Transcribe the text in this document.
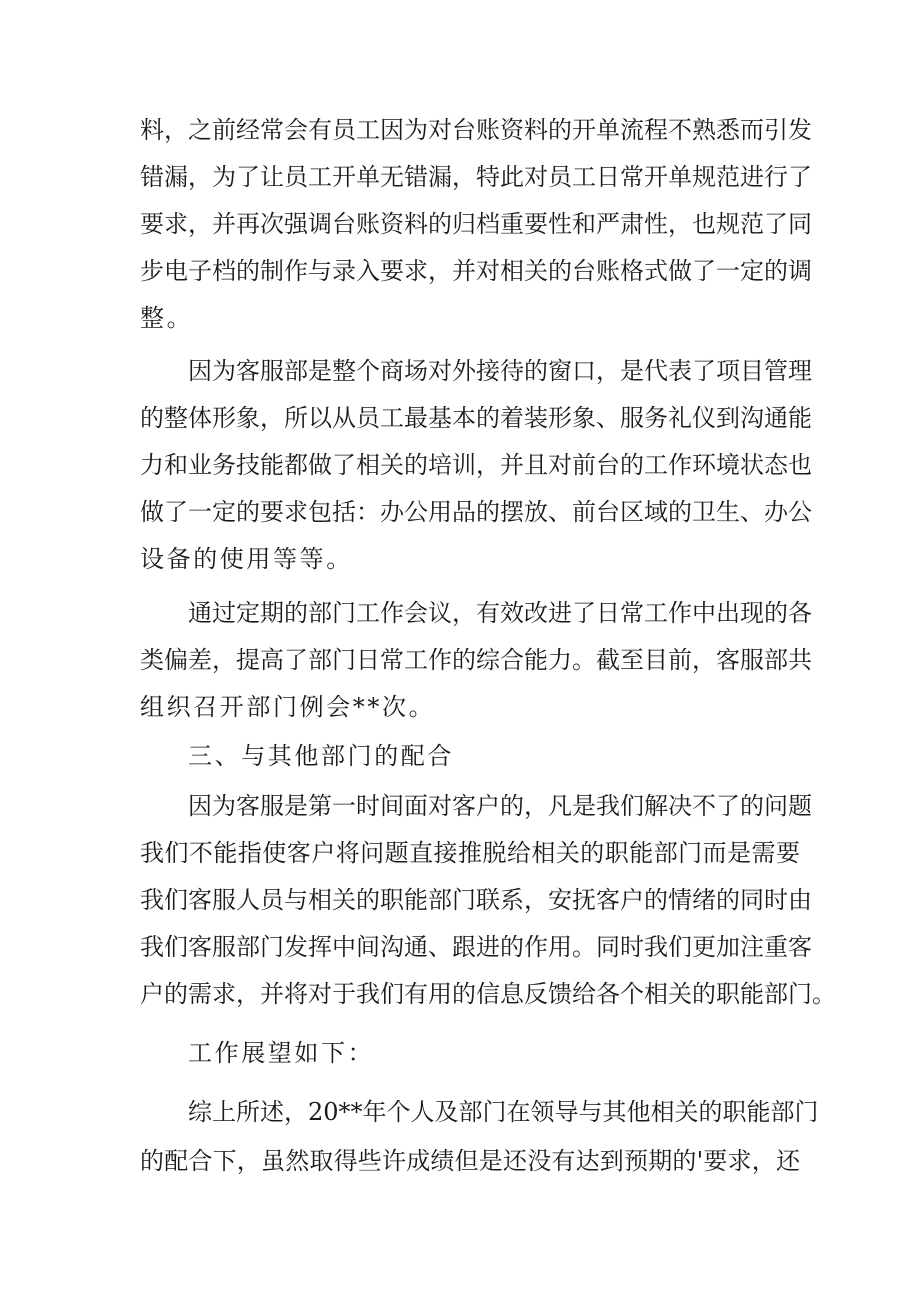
料，之前经常会有员工因为对台账资料的开单流程不熟悉而引发
错漏，为了让员工开单无错漏，特此对员工日常开单规范进行了
要求，并再次强调台账资料的归档重要性和严肃性，也规范了同
步电子档的制作与录入要求，并对相关的台账格式做了一定的调
整。
因为客服部是整个商场对外接待的窗口，是代表了项目管理
的整体形象，所以从员工最基本的着装形象、服务礼仪到沟通能
力和业务技能都做了相关的培训，并且对前台的工作环境状态也
做了一定的要求包括：办公用品的摆放、前台区域的卫生、办公
设备的使用等等。
通过定期的部门工作会议，有效改进了日常工作中出现的各
类偏差，提高了部门日常工作的综合能力。截至目前，客服部共
组织召开部门例会**次。
三、与其他部门的配合
因为客服是第一时间面对客户的，凡是我们解决不了的问题
我们不能指使客户将问题直接推脱给相关的职能部门而是需要
我们客服人员与相关的职能部门联系，安抚客户的情绪的同时由
我们客服部门发挥中间沟通、跟进的作用。同时我们更加注重客
户的需求，并将对于我们有用的信息反馈给各个相关的职能部门。
工作展望如下：
综上所述，20**年个人及部门在领导与其他相关的职能部门
的配合下，虽然取得些许成绩但是还没有达到预期的'要求，还
